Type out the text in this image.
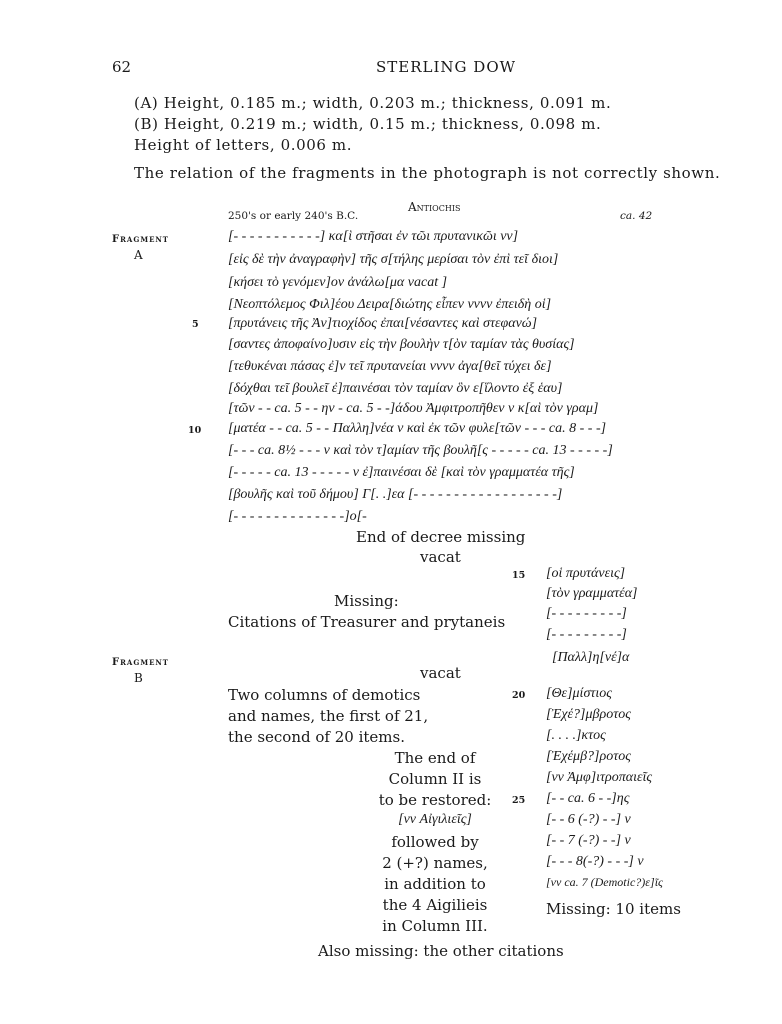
62	STERLING DOW
(A) Height, 0.185 m.; width, 0.203 m.; thickness, 0.091 m.
(B) Height, 0.219 m.; width, 0.15 m.; thickness, 0.098 m.
Height of letters, 0.006 m.
The relation of the fragments in the photograph is not correctly shown.
Antiochis
250's or early 240's B.C.	ca. 42
Fragment
A
[- - - - - - - - - - -] κα[ὶ στῆσαι ἐν τῶι πρυτανικῶι vv]
[εἰς δὲ τὴν ἀναγραφὴν] τῆς σ[τήλης μερίσαι τὸν ἐπὶ τεῖ διοι]
[κήσει τὸ γενόμεν]ον ἀνάλω[μα vacat ]
[Νεοπτόλεμος Φιλ]έου Δειρα[διώτης εἶπεν vvvv ἐπειδὴ οἱ]
5 [πρυτάνεις τῆς Ἀν]τιοχίδος ἐπαι[νέσαντες καὶ στεφανώ]
[σαντες ἀποφαίνο]υσιν εἰς τὴν βουλὴν τ[ὸν ταμίαν τὰς θυσίας]
[τεθυκέναι πάσας ἐ]ν τεῖ πρυτανείαι vvvv ἀγα[θεῖ τύχει δε]
[δόχθαι τεῖ βουλεῖ ἐ]παινέσαι τὸν ταμίαν ὃν ε[ἵλοντο ἐξ ἑαυ]
[τῶν - - ca. 5 - - ην - ca. 5 - -]άδου Ἀμφιτροπῆθεν v κ[αὶ τὸν γραμ]
10 [ματέα - - ca. 5 - - Παλλη]νέα v καὶ ἐκ τῶν φυλε[τῶν - - - ca. 8 - - -]
[- - - ca. 8½ - - - v καὶ τὸν τ]αμίαν τῆς βουλῆ[ς - - - - - ca. 13 - - - - -]
[- - - - - ca. 13 - - - - - v ἐ]παινέσαι δὲ [καὶ τὸν γραμματέα τῆς]
[βουλῆς καὶ τοῦ δήμου] Γ[. .]εα [- - - - - - - - - - - - - - - - - -]
[- - - - - - - - - - - - - -]ο[-
End of decree missing
vacat
Missing:
Citations of Treasurer and prytaneis
15 [οἱ πρυτάνεις]
[τὸν γραμματέα]
[- - - - - - - - -]
[- - - - - - - - -]
[Παλλ]η[νέ]α
Fragment
B	vacat
Two columns of demotics
and names, the first of 21,
the second of 20 items.
The end of
Column II is
to be restored:
[vv Αἰγιλιεῖς]
followed by
2 (+?) names,
in addition to
the 4 Aigilieis
in Column III.
20 [Θε]μίστιος
[Ἐχέ?]μβροτος
[. . . .]κτος
[Ἐχέμβ?]ροτος
[vv Ἀμφ]ιτροπαιεῖς
25 [- - ca. 6 - -]ης
[- - 6 (-?) - -] v
[- - 7 (-?) - -] v
[- - - 8(-?) - - -] v
[vv ca. 7 (Demotic?)ε]ῖς
Missing: 10 items
Also missing: the other citations
